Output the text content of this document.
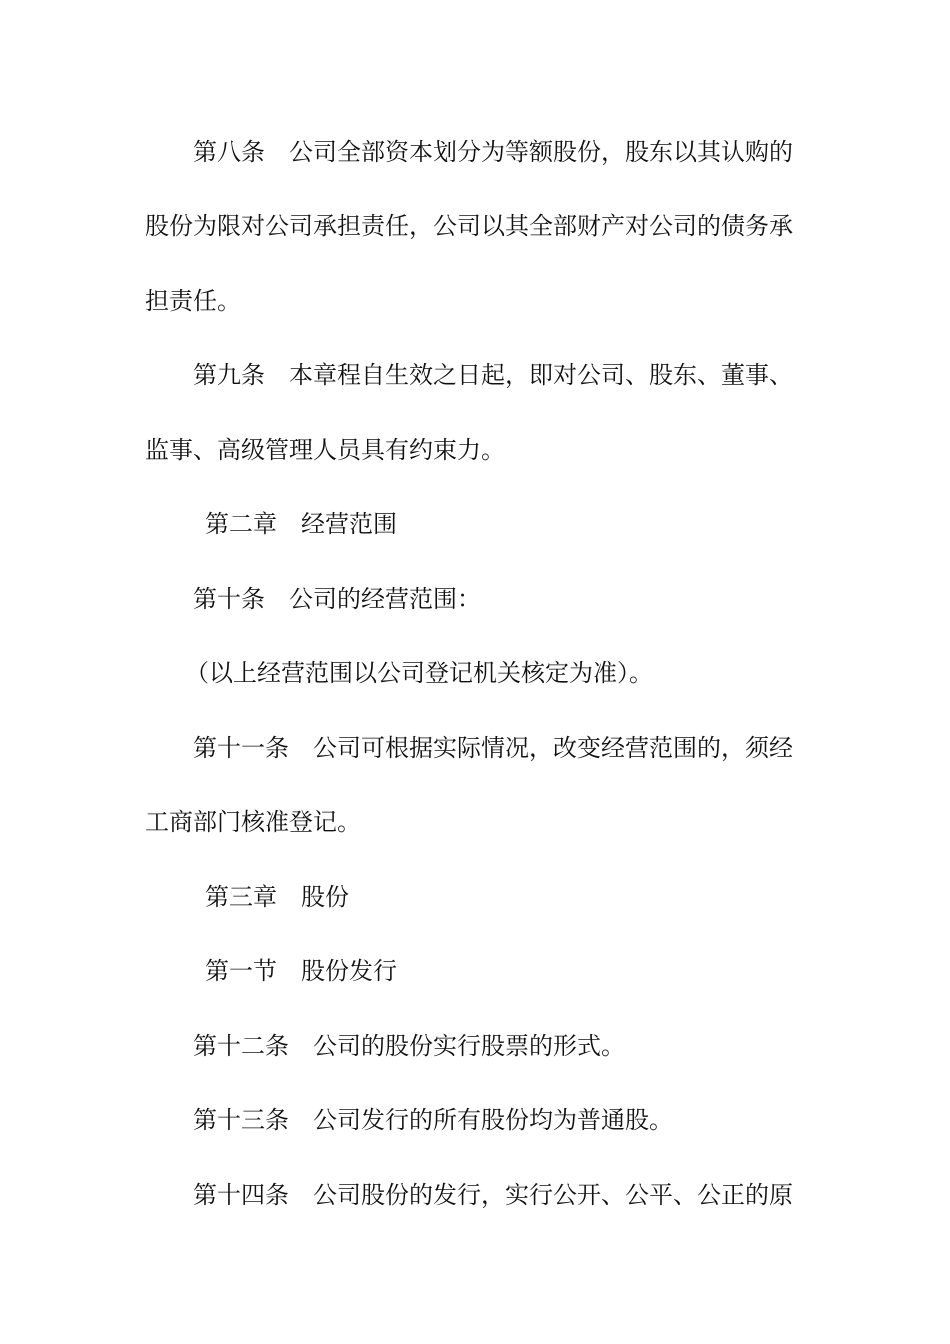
第八条　公司全部资本划分为等额股份，股东以其认购的
股份为限对公司承担责任，公司以其全部财产对公司的债务承
担责任。
第九条　本章程自生效之日起，即对公司、股东、董事、
监事、高级管理人员具有约束力。
第二章　经营范围
第十条　公司的经营范围：
（以上经营范围以公司登记机关核定为准）。
第十一条　公司可根据实际情况，改变经营范围的，须经
工商部门核准登记。
第三章　股份
第一节　股份发行
第十二条　公司的股份实行股票的形式。
第十三条　公司发行的所有股份均为普通股。
第十四条　公司股份的发行，实行公开、公平、公正的原
